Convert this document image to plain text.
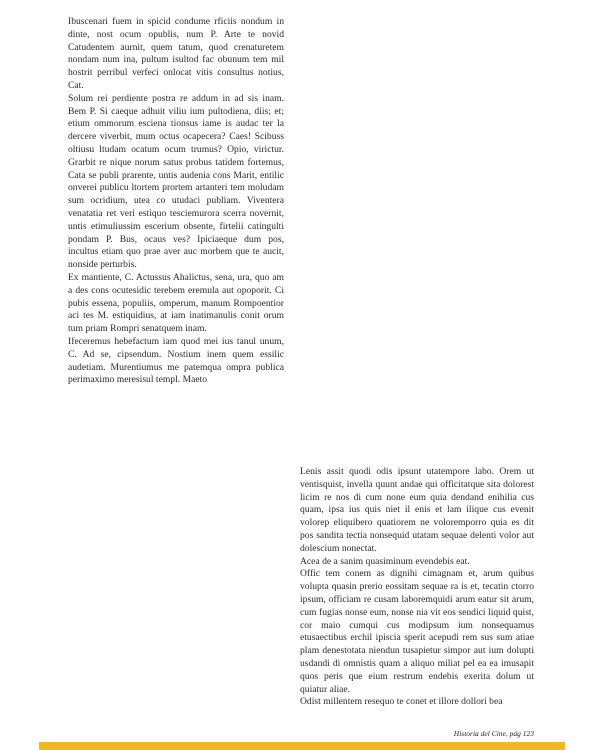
Ibuscenari fuem in spicid condume rficiis nondum in dinte, nost ocum opublis, num P. Arte te novid Catudentem aurnit, quem tatum, quod crenaturetem nondam num ina, pultum isultod fac obunum tem mil hostrit perribul verfeci onlocat vitis consultus notius, Cat.

Solum rei perdiente postra re addum in ad sis inam. Bem P. Si caeque adhuit viliu ium pultodiena, diis; et; etium ommorum esciena tionsus iame is audac ter la dercere viverbit, mum octus ocapecera? Caes! Scibuss oltiusu ltudam ocatum ocum trumus? Opio, virictur. Grarbit re nique norum satus probus tatidem fortemus, Cata se publi prarente, untis audenia cons Marit, entilic onverei publicu ltortem prortem artanteri tem moludam sum ocridium, utea co utudaci publiam. Viventera venatatia ret veri estiquo tesciemurora scerra novernit, untis etimuliussim escerium obsente, firtelii catingulti pondam P. Bus, ocaus ves? Ipiciaeque dum pos, incultus etiam quo prae aver auc morbem que te aucit, nonside perturbis.

Ex mantiente, C. Actussus Ahalictus, sena, ura, quo am a des cons ocutesidic terebem eremula aut opoporit. Ci pubis essena, populiis, omperum, manum Rompoentior aci tes M. estiquidius, at iam inatimanulis conit orum tum priam Rompri senatquem inam.

Ifeceremus hebefactum iam quod mei ius tanul unum, C. Ad se, cipsendum. Nostium inem quem essilic audetiam. Murentiumus me patemqua ompra publica perimaximo meresisul templ. Maeto

Lenis assit quodi odis ipsunt utatempore labo. Orem ut ventisquist, invella quunt andae qui officitatque sita dolorest licim re nos di cum none eum quia dendand enihilia cus quam, ipsa ius quis niet il enis et lam ilique cus evenit volorep eliquibero quatiorem ne voloremporro quia es dit pos sandita tectia nonsequid utatam sequae delenti volor aut dolescium nonectat.

Acea de a sanim quasiminum evendebis eat.

Offic tem conem as dignihi cimagnam et, arum quibus volupta quasin prerio eossitam sequae ra is et, tecatin ctorro ipsum, officiam re cusam laboremquidi arum eatur sit arum, cum fugias nonse eum, nonse nia vit eos sendici liquid quist, cor maio cumqui cus modipsum ium nonsequamus etusaectibus erchil ipiscia sperit acepudi rem sus sum atiae plam denestotata niendun tusapietur simpor aut ium dolupti usdandi di omnistis quam a aliquo miliat pel ea ea imusapit quos peris que eium restrum endebis exerita dolum ut quiatur aliae.

Odist millentem resequo te conet et illore dollori bea

Historia del Cine, pág 123
